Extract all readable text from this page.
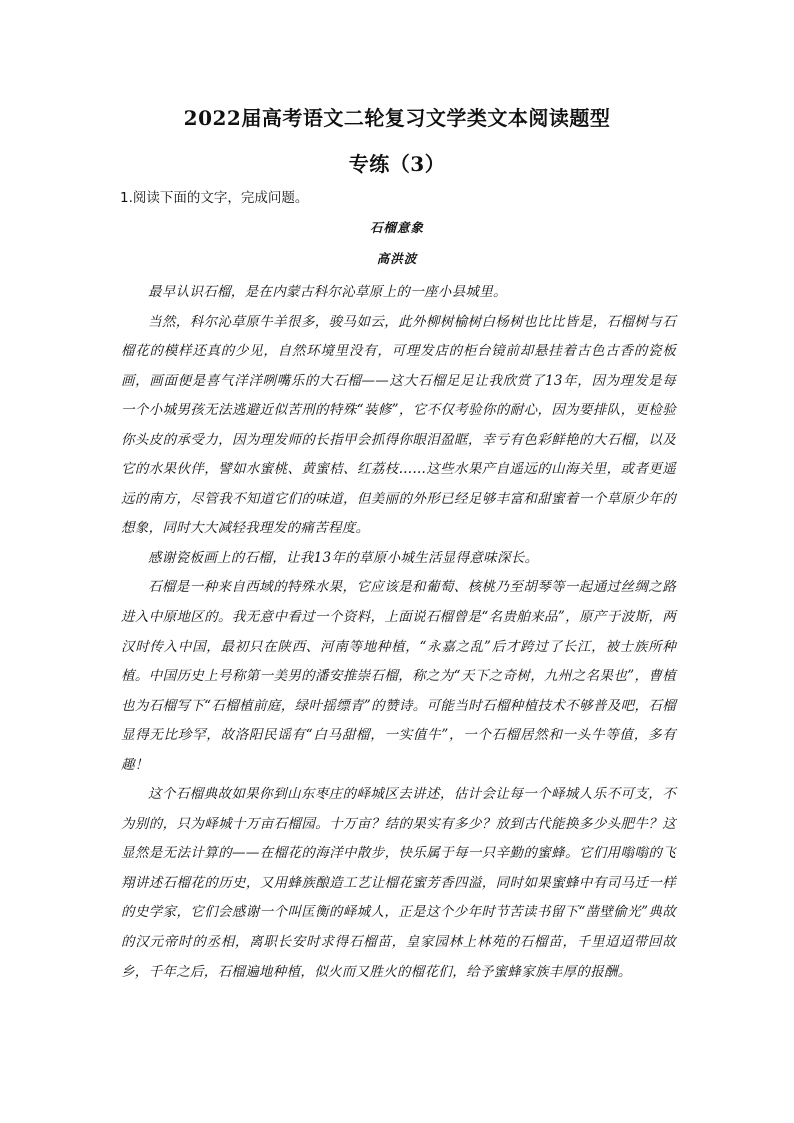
2022届高考语文二轮复习文学类文本阅读题型
专练（3）
1.阅读下面的文字，完成问题。
石榴意象
高洪波

最早认识石榴，是在内蒙古科尔沁草原上的一座小县城里。

当然，科尔沁草原牛羊很多，骏马如云，此外柳树榆树白杨树也比比皆是，石榴树与石榴花的模样还真的少见，自然环境里没有，可理发店的柜台镜前却悬挂着古色古香的瓷板画，画面便是喜气洋洋咧嘴乐的大石榴——这大石榴足足让我欣赏了13年，因为理发是每一个小城男孩无法逃避近似苦刑的特殊“装修”，它不仅考验你的耐心，因为要排队，更检验你头皮的承受力，因为理发师的长指甲会抓得你眼泪盈眶，幸亏有色彩鲜艳的大石榴，以及它的水果伙伴，譬如水蜜桃、黄蜜桔、红荔枝……这些水果产自遥远的山海关里，或者更遥远的南方，尽管我不知道它们的味道，但美丽的外形已经足够丰富和甜蜜着一个草原少年的想象，同时大大减轻我理发的痛苦程度。

感谢瓷板画上的石榴，让我13年的草原小城生活显得意味深长。

石榴是一种来自西域的特殊水果，它应该是和葡萄、核桃乃至胡琴等一起通过丝绸之路进入中原地区的。我无意中看过一个资料，上面说石榴曾是“名贵舶来品”，原产于波斯，两汉时传入中国，最初只在陕西、河南等地种植，“永嘉之乱”后才跨过了长江，被士族所种植。中国历史上号称第一美男的潘安推崇石榴，称之为“天下之奇树，九州之名果也”，曹植也为石榴写下“石榴植前庭，绿叶摇缥青”的赞诗。可能当时石榴种植技术不够普及吧，石榴显得无比珍罕，故洛阳民谣有“白马甜榴，一实值牛”，一个石榴居然和一头牛等值，多有趣！

这个石榴典故如果你到山东枣庄的峄城区去讲述，估计会让每一个峄城人乐不可支，不为别的，只为峄城十万亩石榴园。十万亩？结的果实有多少？放到古代能换多少头肥牛？这显然是无法计算的——在榴花的海洋中散步，快乐属于每一只辛勤的蜜蜂。它们用嗡嗡的飞翔讲述石榴花的历史，又用蜂族酿造工艺让榴花蜜芳香四溢，同时如果蜜蜂中有司马迁一样的史学家，它们会感谢一个叫匡衡的峄城人，正是这个少年时节苦读书留下“凿壁偷光”典故的汉元帝时的丞相，离职长安时求得石榴苗，皇家园林上林苑的石榴苗，千里迢迢带回故乡，千年之后，石榴遍地种植，似火而又胜火的榴花们，给予蜜蜂家族丰厚的报酬。
